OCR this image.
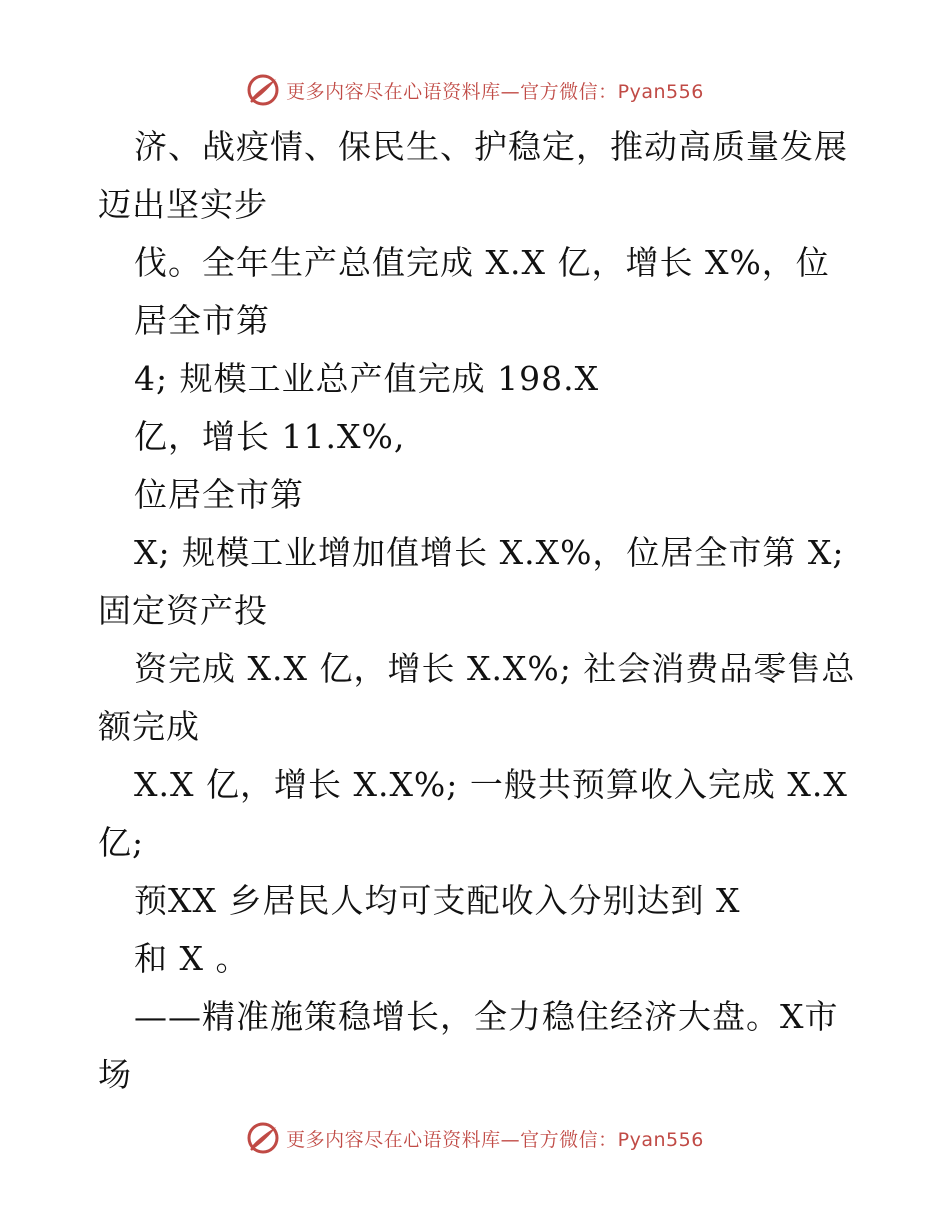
更多内容尽在心语资料库—官方微信：Pyan556
济、战疫情、保民生、护稳定，推动高质量发展
迈出坚实步
伐。全年生产总值完成 X.X 亿，增长 X%，位
居全市第
4; 规模工业总产值完成 198.X
亿，增长 11.X%,
位居全市第
X; 规模工业增加值增长 X.X%，位居全市第 X;
固定资产投
资完成 X.X 亿，增长 X.X%; 社会消费品零售总
额完成
X.X 亿，增长 X.X%; 一般共预算收入完成 X.X
亿;
预XX 乡居民人均可支配收入分别达到 X
和 X 。
——精准施策稳增长，全力稳住经济大盘。X市
场
更多内容尽在心语资料库—官方微信：Pyan556
